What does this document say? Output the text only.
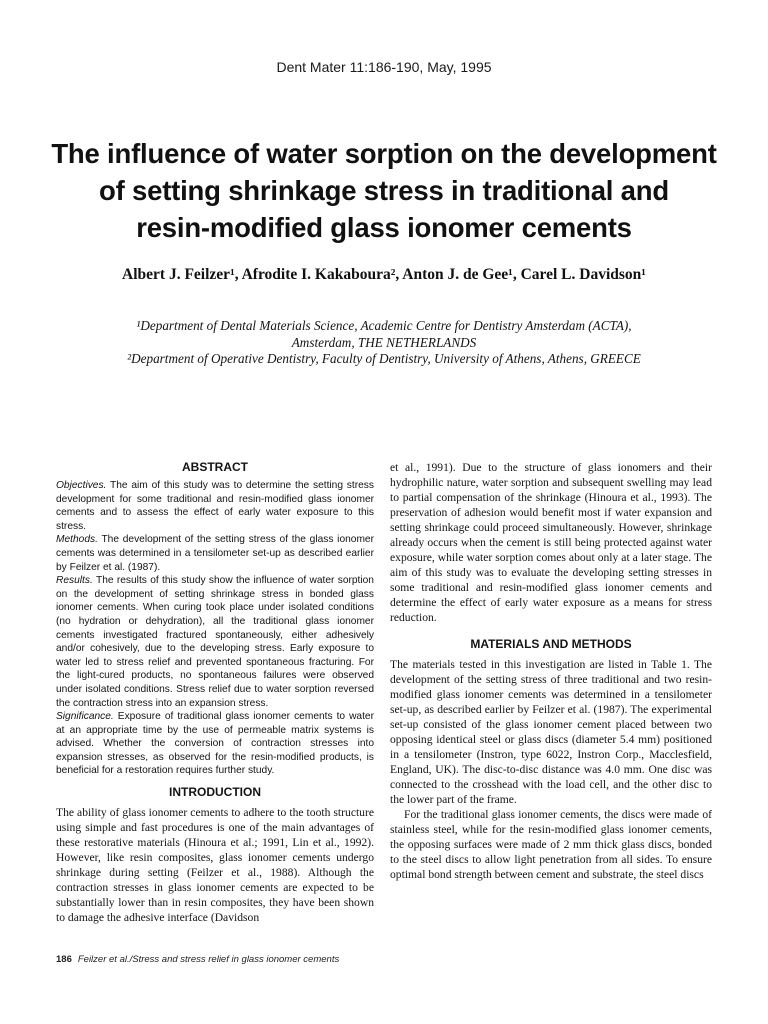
Dent Mater 11:186-190, May, 1995
The influence of water sorption on the development
of setting shrinkage stress in traditional and
resin-modified glass ionomer cements
Albert J. Feilzer¹, Afrodite I. Kakaboura², Anton J. de Gee¹, Carel L. Davidson¹
¹Department of Dental Materials Science, Academic Centre for Dentistry Amsterdam (ACTA),
Amsterdam, THE NETHERLANDS
²Department of Operative Dentistry, Faculty of Dentistry, University of Athens, Athens, GREECE
ABSTRACT

Objectives. The aim of this study was to determine the setting stress development for some traditional and resin-modified glass ionomer cements and to assess the effect of early water exposure to this stress.

Methods. The development of the setting stress of the glass ionomer cements was determined in a tensilometer set-up as described earlier by Feilzer et al. (1987).

Results. The results of this study show the influence of water sorption on the development of setting shrinkage stress in bonded glass ionomer cements. When curing took place under isolated conditions (no hydration or dehydration), all the traditional glass ionomer cements investigated fractured spontaneously, either adhesively and/or cohesively, due to the developing stress. Early exposure to water led to stress relief and prevented spontaneous fracturing. For the light-cured products, no spontaneous failures were observed under isolated conditions. Stress relief due to water sorption reversed the contraction stress into an expansion stress.

Significance. Exposure of traditional glass ionomer cements to water at an appropriate time by the use of permeable matrix systems is advised. Whether the conversion of contraction stresses into expansion stresses, as observed for the resin-modified products, is beneficial for a restoration requires further study.

INTRODUCTION

The ability of glass ionomer cements to adhere to the tooth structure using simple and fast procedures is one of the main advantages of these restorative materials (Hinoura et al.; 1991, Lin et al., 1992). However, like resin composites, glass ionomer cements undergo shrinkage during setting (Feilzer et al., 1988). Although the contraction stresses in glass ionomer cements are expected to be substantially lower than in resin composites, they have been shown to damage the adhesive interface (Davidson

et al., 1991). Due to the structure of glass ionomers and their hydrophilic nature, water sorption and subsequent swelling may lead to partial compensation of the shrinkage (Hinoura et al., 1993). The preservation of adhesion would benefit most if water expansion and setting shrinkage could proceed simultaneously. However, shrinkage already occurs when the cement is still being protected against water exposure, while water sorption comes about only at a later stage. The aim of this study was to evaluate the developing setting stresses in some traditional and resin-modified glass ionomer cements and determine the effect of early water exposure as a means for stress reduction.

MATERIALS AND METHODS

The materials tested in this investigation are listed in Table 1. The development of the setting stress of three traditional and two resin-modified glass ionomer cements was determined in a tensilometer set-up, as described earlier by Feilzer et al. (1987). The experimental set-up consisted of the glass ionomer cement placed between two opposing identical steel or glass discs (diameter 5.4 mm) positioned in a tensilometer (Instron, type 6022, Instron Corp., Macclesfield, England, UK). The disc-to-disc distance was 4.0 mm. One disc was connected to the crosshead with the load cell, and the other disc to the lower part of the frame.

For the traditional glass ionomer cements, the discs were made of stainless steel, while for the resin-modified glass ionomer cements, the opposing surfaces were made of 2 mm thick glass discs, bonded to the steel discs to allow light penetration from all sides. To ensure optimal bond strength between cement and substrate, the steel discs

186 Feilzer et al./Stress and stress relief in glass ionomer cements
